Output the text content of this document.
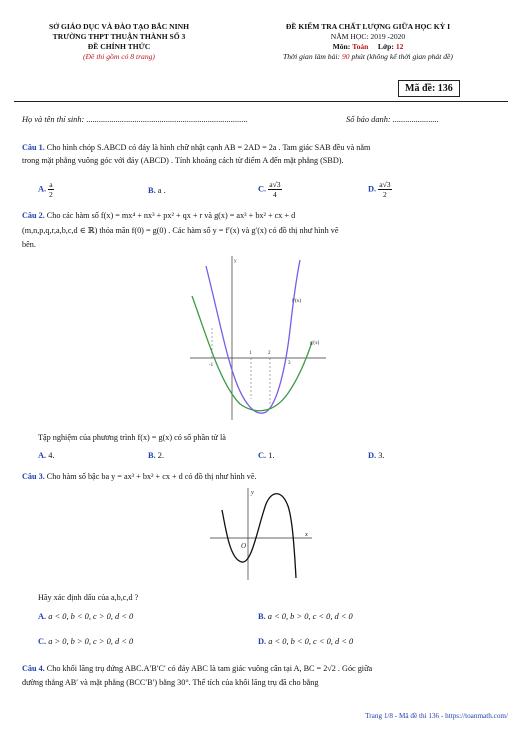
SỞ GIÁO DỤC VÀ ĐÀO TẠO BẮC NINH
TRƯỜNG THPT THUẬN THÀNH SỐ 3
ĐỀ CHÍNH THỨC
(Đề thi gồm có 8 trang)
ĐỀ KIỂM TRA CHẤT LƯỢNG GIỮA HỌC KỲ I
NĂM HỌC: 2019 -2020
Môn: Toán Lớp: 12
Thời gian làm bài: 90 phút (không kể thời gian phát đề)
Mã đề: 136
Họ và tên thí sinh: .............................................................................	Số báo danh: ......................
Câu 1. Cho hình chóp S.ABCD có đáy là hình chữ nhật cạnh AB = 2AD = 2a . Tam giác SAB đều và nằm
trong mặt phẳng vuông góc với đáy (ABCD) . Tính khoảng cách từ điểm A đến mặt phẳng (SBD).
A. $\frac{a}{2}$	B. a .	C. $\frac{a√3}{4}$	D. $\frac{a√3}{2}$
Câu 2. Cho các hàm số f(x) = mx⁴ + nx³ + px² + qx + r và g(x) = ax³ + bx² + cx + d
(m,n,p,q,r,a,b,c,d ∈ ℝ) thỏa mãn f(0) = g(0) . Các hàm số y = f′(x) và g′(x) có đồ thị như hình vẽ
bên.
f'(x)
g'(x)
-1
1	2
3
y
Tập nghiệm của phương trình f(x) = g(x) có số phần tử là
A. 4.	B. 2.	C. 1.	D. 3.
Câu 3. Cho hàm số bậc ba y = ax³ + bx² + cx + d có đồ thị như hình vẽ.
y
x
O
Hãy xác định dấu của a,b,c,d ?
A. a < 0, b < 0, c > 0, d < 0	B. a < 0, b > 0, c < 0, d < 0
C. a > 0, b > 0, c > 0, d < 0	D. a < 0, b < 0, c < 0, d < 0
Câu 4. Cho khối lăng trụ đứng ABC.A′B′C′ có đáy ABC là tam giác vuông cân tại A, BC = 2√2 . Góc giữa
đường thẳng AB′ và mặt phẳng (BCC′B′) bằng 30°. Thể tích của khối lăng trụ đã cho bằng
Trang 1/8 - Mã đề thi 136 - https://toanmath.com/
